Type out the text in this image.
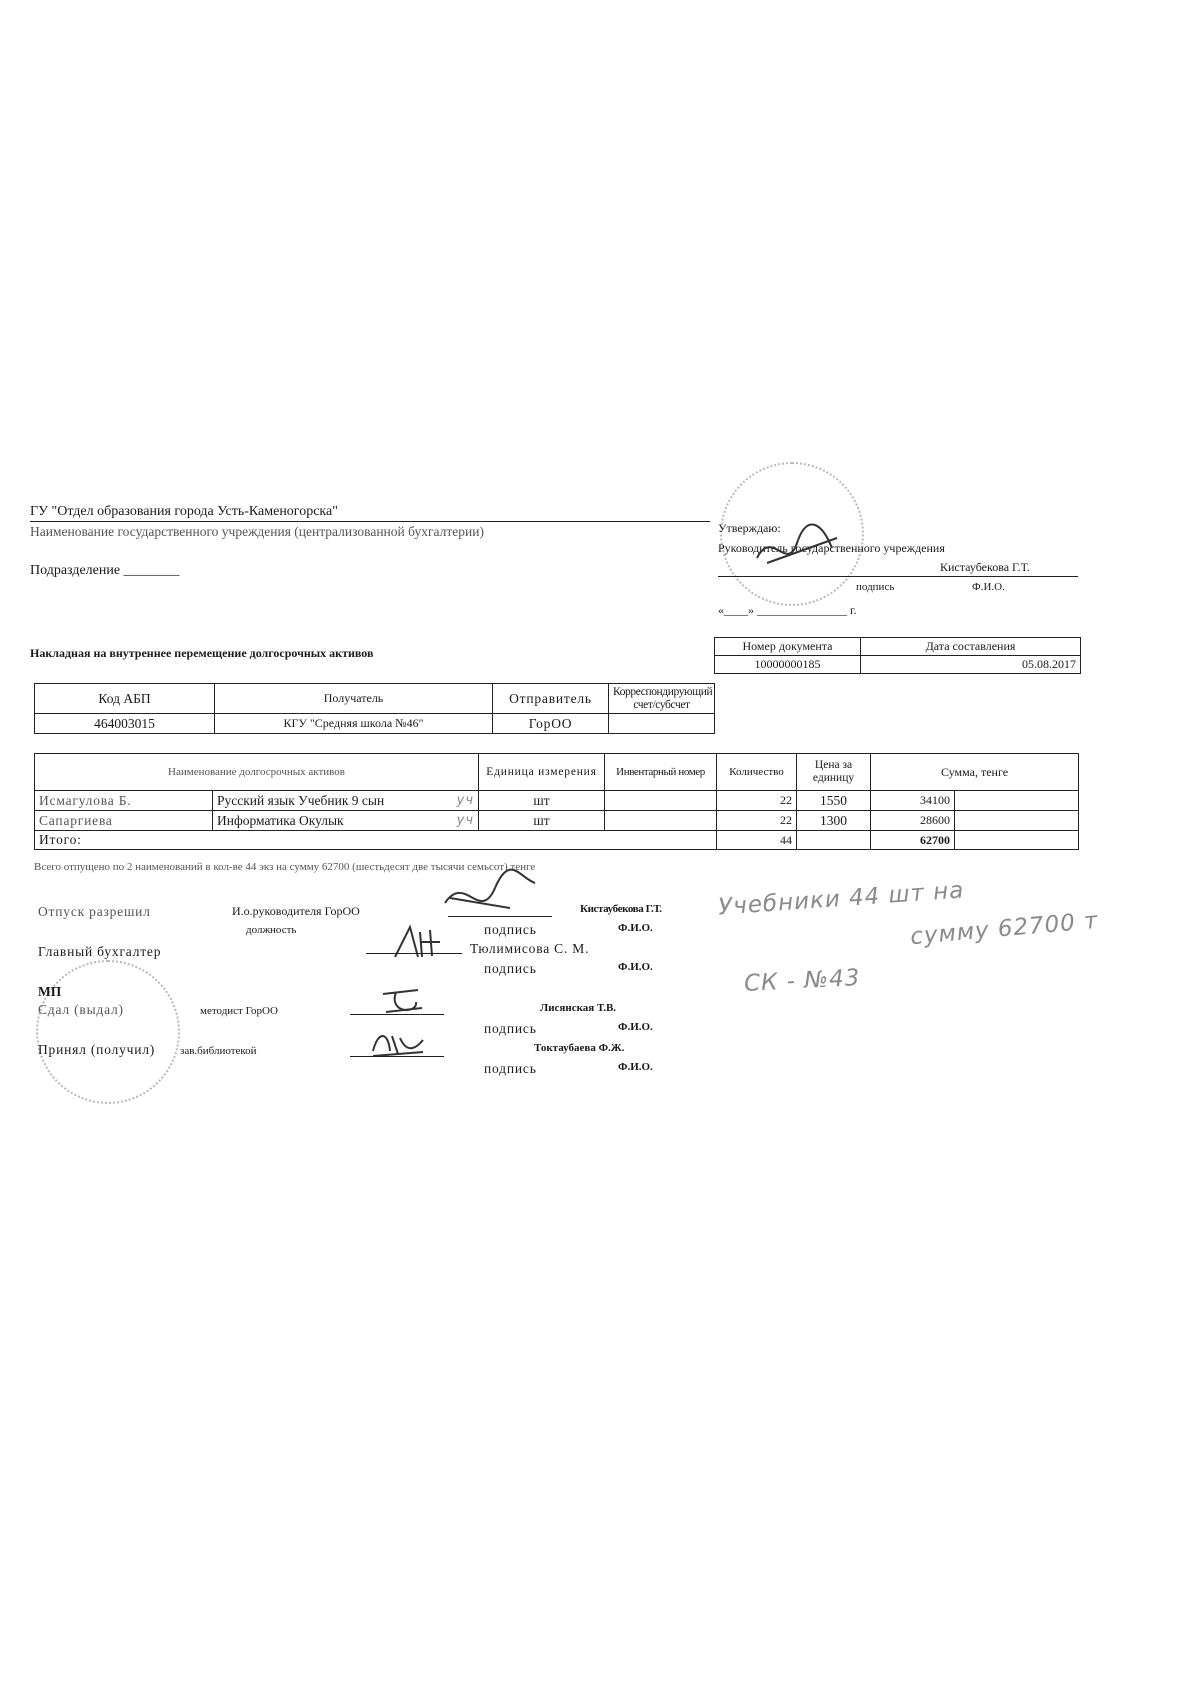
ГУ "Отдел образования города Усть-Каменогорска"
Наименование государственного учреждения (централизованной бухгалтерии)
Подразделение ________
Утверждаю:
Руководитель государственного учреждения
Киcтаубекова Г.Т.
подпись	Ф.И.О.
«____» _______________ г.
Накладная на внутреннее перемещение долгосрочных активов	Номер документа	Дата составления
10000000185	05.08.2017
Код АБП	Получатель	Отправитель	Корреспондирующий счет/субсчет
464003015	КГУ "Средняя школа №46"	ГорОО	
Наименование долгосрочных активов		Единица измерения	Инвентарный номер	Количество	Цена за единицу	Сумма, тенге	
Исмагулова Б.	Русский язык Учебник 9 сын уч	шт		22	1550	34100	
Сапаргиева	Информатика Окулык уч	шт		22	1300	28600	
Итого:				44		62700	
Всего отпущено по 2 наименований в кол-ве 44 экз на сумму 62700 (шестьдесят две тысячи семьсот) тенге
Отпуск разрешил	И.о.руководителя ГорОО
должность
Кистаубекова Г.Т.
подпись	Ф.И.О.
Главный бухгалтер	Тюлимисова С. М.
подпись	Ф.И.О.
МП
Сдал (выдал)	методист ГорОО	Лисянская Т.В.
подпись	Ф.И.О.
Принял (получил) зав.библиотекой	Токтаубаева Ф.Ж.
подпись	Ф.И.О.
Учебники 44 шт на
сумму 62700 т
СК - №43
